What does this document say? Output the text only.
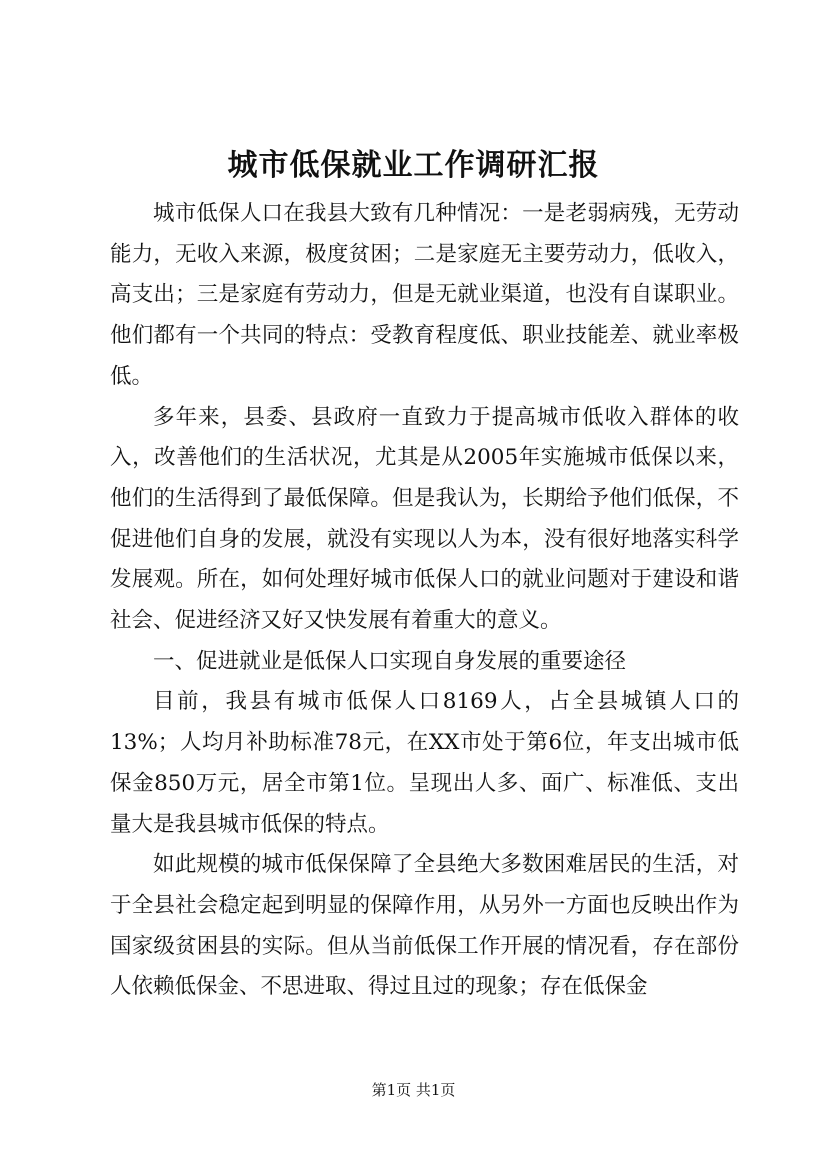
城市低保就业工作调研汇报

城市低保人口在我县大致有几种情况：一是老弱病残，无劳动能力，无收入来源，极度贫困；二是家庭无主要劳动力，低收入，高支出；三是家庭有劳动力，但是无就业渠道，也没有自谋职业。他们都有一个共同的特点：受教育程度低、职业技能差、就业率极低。

多年来，县委、县政府一直致力于提高城市低收入群体的收入，改善他们的生活状况，尤其是从2005年实施城市低保以来，他们的生活得到了最低保障。但是我认为，长期给予他们低保，不促进他们自身的发展，就没有实现以人为本，没有很好地落实科学发展观。所在，如何处理好城市低保人口的就业问题对于建设和谐社会、促进经济又好又快发展有着重大的意义。

一、促进就业是低保人口实现自身发展的重要途径

目前，我县有城市低保人口8169人，占全县城镇人口的13%；人均月补助标准78元，在XX市处于第6位，年支出城市低保金850万元，居全市第1位。呈现出人多、面广、标准低、支出量大是我县城市低保的特点。

如此规模的城市低保保障了全县绝大多数困难居民的生活，对于全县社会稳定起到明显的保障作用，从另外一方面也反映出作为国家级贫困县的实际。但从当前低保工作开展的情况看，存在部份人依赖低保金、不思进取、得过且过的现象；存在低保金

第1页 共1页
